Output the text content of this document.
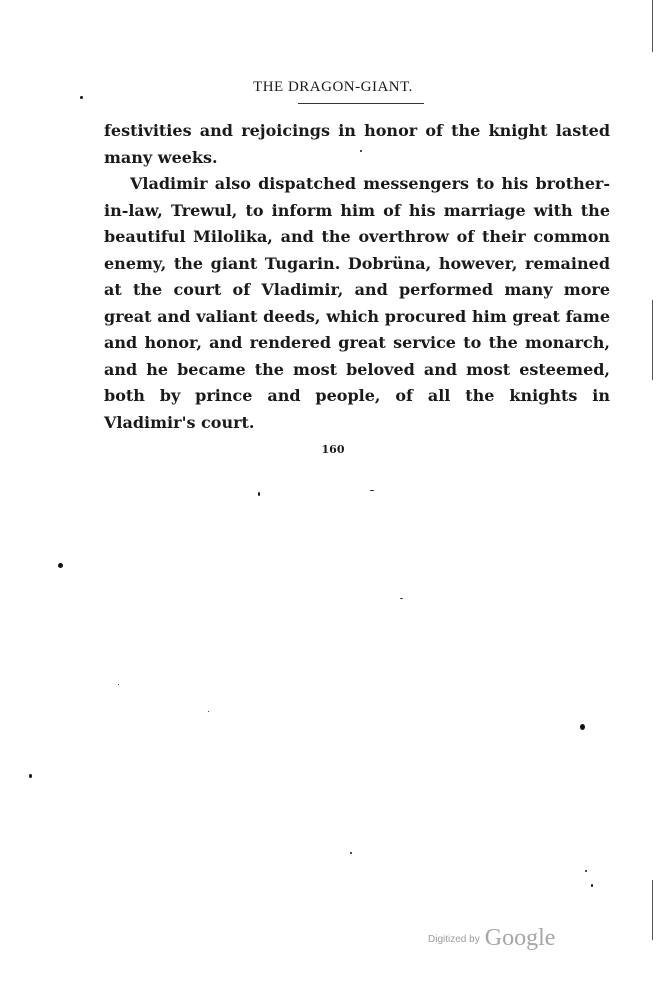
THE DRAGON-GIANT.

festivities and rejoicings in honor of the knight lasted many weeks.

Vladimir also dispatched messengers to his brother-in-law, Trewul, to inform him of his marriage with the beautiful Milolika, and the overthrow of their common enemy, the giant Tugarin. Dobrüna, however, remained at the court of Vladimir, and performed many more great and valiant deeds, which procured him great fame and honor, and rendered great service to the monarch, and he became the most beloved and most esteemed, both by prince and people, of all the knights in Vladimir's court.

160
Digitized by Google
